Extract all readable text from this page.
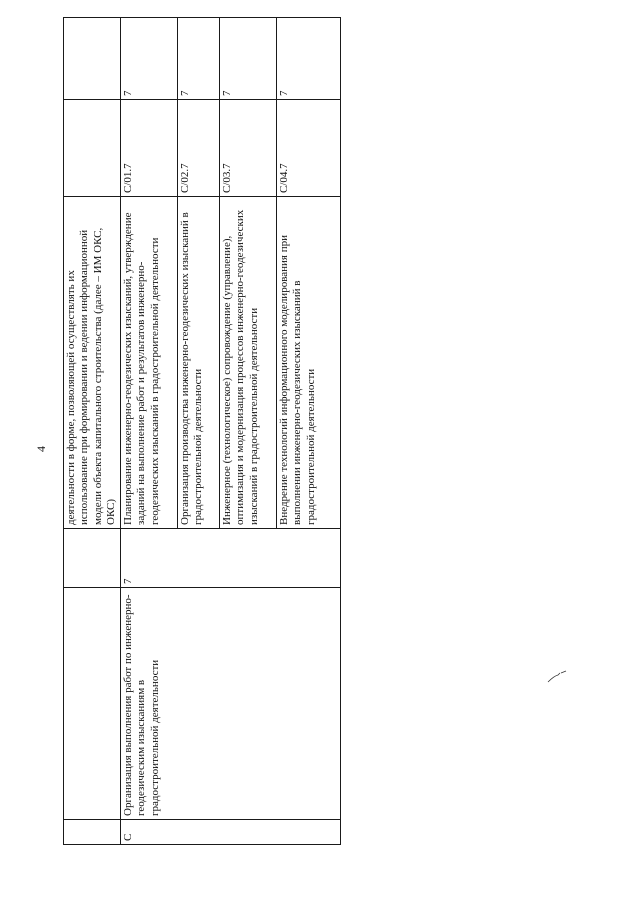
4
			деятельности в форме, позволяющей осуществлять их использование при формировании и ведении информационной модели объекта капитального строительства (далее – ИМ ОКС, ОКС)		
С	Организация выполнения работ по инженерно-геодезическим изысканиям в градостроительной деятельности	7	Планирование инженерно-геодезических изысканий, утверждение заданий на выполнение работ и результатов инженерно-геодезических изысканий в градостроительной деятельности	C/01.7	7
			Организация производства инженерно-геодезических изысканий в градостроительной деятельности	C/02.7	7
			Инженерное (технологическое) сопровождение (управление), оптимизация и модернизация процессов инженерно-геодезических изысканий в градостроительной деятельности	C/03.7	7
			Внедрение технологий информационного моделирования при выполнении инженерно-геодезических изысканий в градостроительной деятельности	C/04.7	7
